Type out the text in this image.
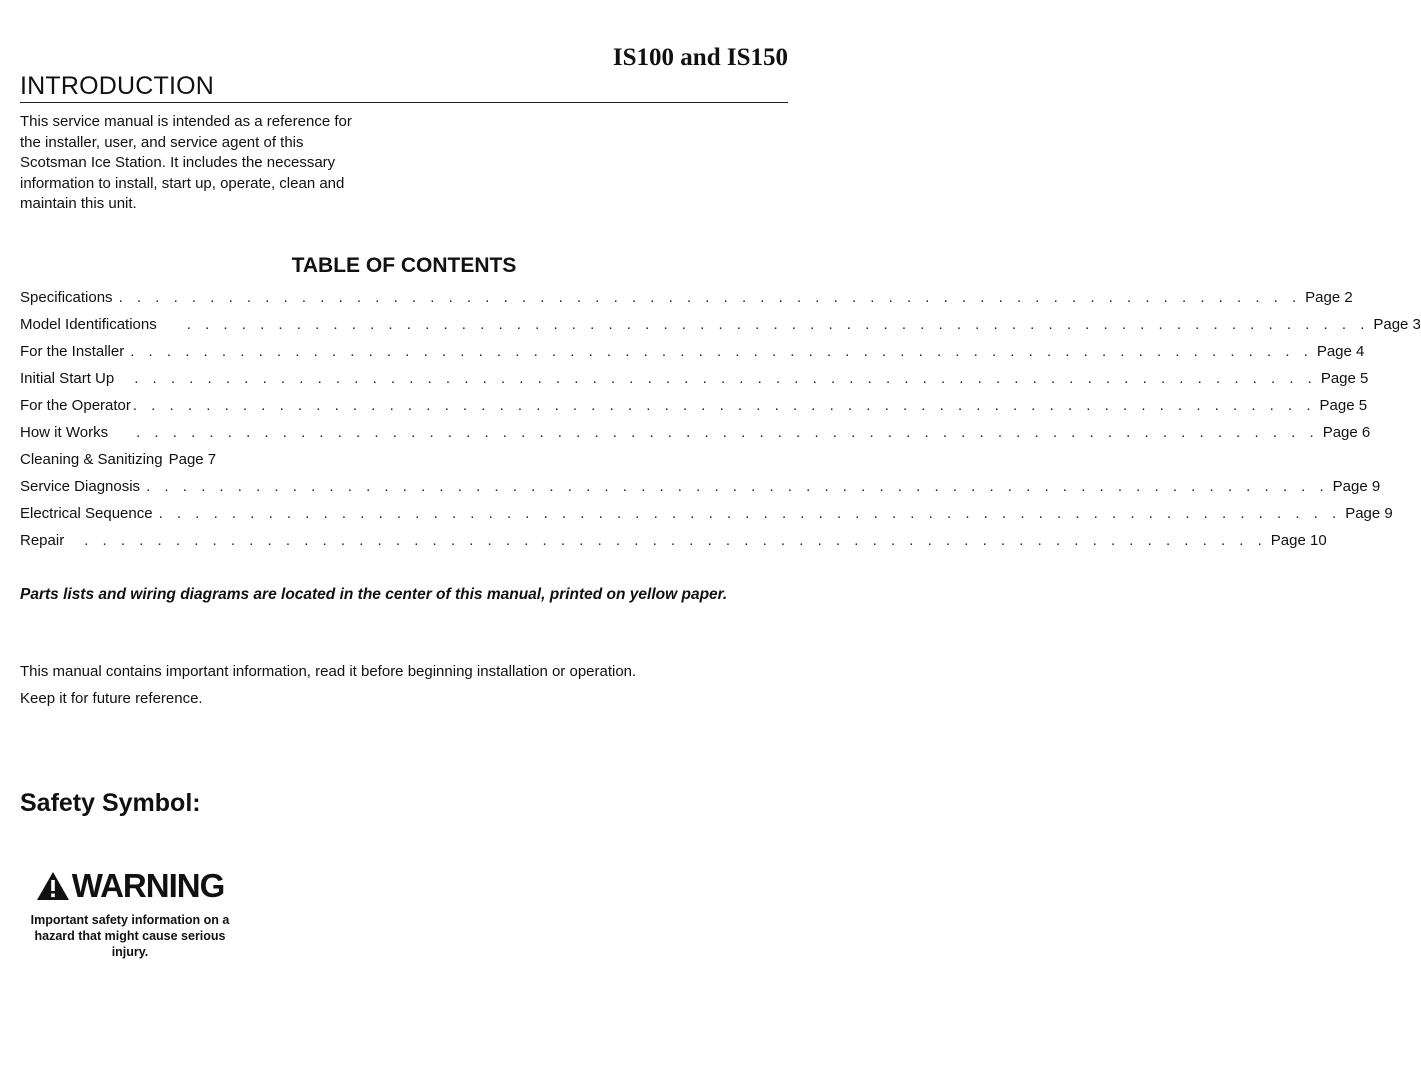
IS100 and IS150
INTRODUCTION
This service manual is intended as a reference for
the installer, user, and service agent of this
Scotsman Ice Station. It includes the necessary
information to install, start up, operate, clean and
maintain this unit.
TABLE OF CONTENTS
Specifications . . . . . . . . . . . . . . . . . . . . . . . . . . . . . . . . . . . . . . . . . . . . . . . . . . . . . . . . . . . . . . . . . Page 2
Model Identifications	. . . . . . . . . . . . . . . . . . . . . . . . . . . . . . . . . . . . . . . . . . . . . . . . . . . . . . . . . . . . . . . . . Page 3
For the Installer . . . . . . . . . . . . . . . . . . . . . . . . . . . . . . . . . . . . . . . . . . . . . . . . . . . . . . . . . . . . . . . . . Page 4
Initial Start Up	. . . . . . . . . . . . . . . . . . . . . . . . . . . . . . . . . . . . . . . . . . . . . . . . . . . . . . . . . . . . . . . . . Page 5
For the Operator . . . . . . . . . . . . . . . . . . . . . . . . . . . . . . . . . . . . . . . . . . . . . . . . . . . . . . . . . . . . . . . . . Page 5
How it Works	. . . . . . . . . . . . . . . . . . . . . . . . . . . . . . . . . . . . . . . . . . . . . . . . . . . . . . . . . . . . . . . . . Page 6
Cleaning & Sanitizing Page 7
Service Diagnosis . . . . . . . . . . . . . . . . . . . . . . . . . . . . . . . . . . . . . . . . . . . . . . . . . . . . . . . . . . . . . . . . . Page 9
Electrical Sequence . . . . . . . . . . . . . . . . . . . . . . . . . . . . . . . . . . . . . . . . . . . . . . . . . . . . . . . . . . . . . . . . . Page 9
Repair	. . . . . . . . . . . . . . . . . . . . . . . . . . . . . . . . . . . . . . . . . . . . . . . . . . . . . . . . . . . . . . . . . Page 10
Parts lists and wiring diagrams are located in the center of this manual, printed on yellow paper.
This manual contains important information, read it before beginning installation or operation.
Keep it for future reference.
Safety Symbol:
WARNING
Important safety information on a hazard that might cause serious injury.
